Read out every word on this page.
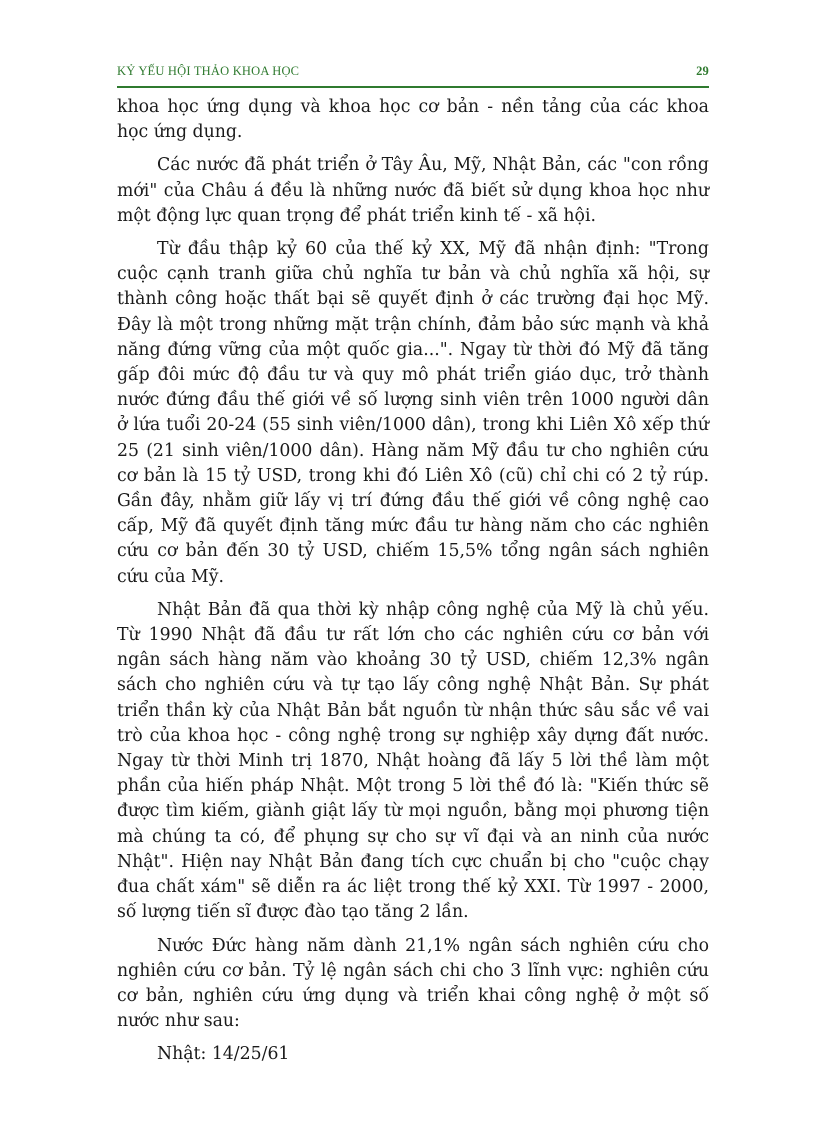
KỶ YẾU HỘI THẢO KHOA HỌC	29

khoa học ứng dụng và khoa học cơ bản - nền tảng của các khoa học ứng dụng.

Các nước đã phát triển ở Tây Âu, Mỹ, Nhật Bản, các "con rồng mới" của Châu á đều là những nước đã biết sử dụng khoa học như một động lực quan trọng để phát triển kinh tế - xã hội.

Từ đầu thập kỷ 60 của thế kỷ XX, Mỹ đã nhận định: "Trong cuộc cạnh tranh giữa chủ nghĩa tư bản và chủ nghĩa xã hội, sự thành công hoặc thất bại sẽ quyết định ở các trường đại học Mỹ. Đây là một trong những mặt trận chính, đảm bảo sức mạnh và khả năng đứng vững của một quốc gia...". Ngay từ thời đó Mỹ đã tăng gấp đôi mức độ đầu tư và quy mô phát triển giáo dục, trở thành nước đứng đầu thế giới về số lượng sinh viên trên 1000 người dân ở lứa tuổi 20-24 (55 sinh viên/1000 dân), trong khi Liên Xô xếp thứ 25 (21 sinh viên/1000 dân). Hàng năm Mỹ đầu tư cho nghiên cứu cơ bản là 15 tỷ USD, trong khi đó Liên Xô (cũ) chỉ chi có 2 tỷ rúp. Gần đây, nhằm giữ lấy vị trí đứng đầu thế giới về công nghệ cao cấp, Mỹ đã quyết định tăng mức đầu tư hàng năm cho các nghiên cứu cơ bản đến 30 tỷ USD, chiếm 15,5% tổng ngân sách nghiên cứu của Mỹ.

Nhật Bản đã qua thời kỳ nhập công nghệ của Mỹ là chủ yếu. Từ 1990 Nhật đã đầu tư rất lớn cho các nghiên cứu cơ bản với ngân sách hàng năm vào khoảng 30 tỷ USD, chiếm 12,3% ngân sách cho nghiên cứu và tự tạo lấy công nghệ Nhật Bản. Sự phát triển thần kỳ của Nhật Bản bắt nguồn từ nhận thức sâu sắc về vai trò của khoa học - công nghệ trong sự nghiệp xây dựng đất nước. Ngay từ thời Minh trị 1870, Nhật hoàng đã lấy 5 lời thề làm một phần của hiến pháp Nhật. Một trong 5 lời thề đó là: "Kiến thức sẽ được tìm kiếm, giành giật lấy từ mọi nguồn, bằng mọi phương tiện mà chúng ta có, để phụng sự cho sự vĩ đại và an ninh của nước Nhật". Hiện nay Nhật Bản đang tích cực chuẩn bị cho "cuộc chạy đua chất xám" sẽ diễn ra ác liệt trong thế kỷ XXI. Từ 1997 - 2000, số lượng tiến sĩ được đào tạo tăng 2 lần.

Nước Đức hàng năm dành 21,1% ngân sách nghiên cứu cho nghiên cứu cơ bản. Tỷ lệ ngân sách chi cho 3 lĩnh vực: nghiên cứu cơ bản, nghiên cứu ứng dụng và triển khai công nghệ ở một số nước như sau:

Nhật: 14/25/61
